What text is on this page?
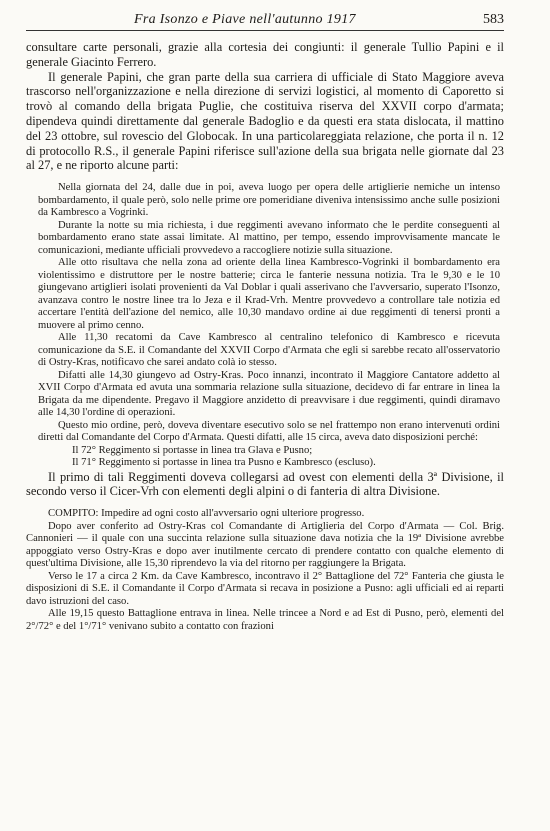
Fra Isonzo e Piave nell'autunno 1917	583

consultare carte personali, grazie alla cortesia dei congiunti: il generale Tullio Papini e il generale Giacinto Ferrero.

Il generale Papini, che gran parte della sua carriera di ufficiale di Stato Maggiore aveva trascorso nell'organizzazione e nella direzione di servizi logistici, al momento di Caporetto si trovò al comando della brigata Puglie, che costituiva riserva del XXVII corpo d'armata; dipendeva quindi direttamente dal generale Badoglio e da questi era stata dislocata, il mattino del 23 ottobre, sul rovescio del Globocak. In una particolareggiata relazione, che porta il n. 12 di protocollo R.S., il generale Papini riferisce sull'azione della sua brigata nelle giornate dal 23 al 27, e ne riporto alcune parti:

Nella giornata del 24, dalle due in poi, aveva luogo per opera delle artiglierie nemiche un intenso bombardamento, il quale però, solo nelle prime ore pomeridiane diveniva intensissimo anche sulle posizioni da Kambresco a Vogrinki.

Durante la notte su mia richiesta, i due reggimenti avevano informato che le perdite conseguenti al bombardamento erano state assai limitate. Al mattino, per tempo, essendo improvvisamente mancate le comunicazioni, mediante ufficiali provvedevo a raccogliere notizie sulla situazione.

Alle otto risultava che nella zona ad oriente della linea Kambresco-Vogrinki il bombardamento era violentissimo e distruttore per le nostre batterie; circa le fanterie nessuna notizia. Tra le 9,30 e le 10 giungevano artiglieri isolati provenienti da Val Doblar i quali asserivano che l'avversario, superato l'Isonzo, avanzava contro le nostre linee tra lo Jeza e il Krad-Vrh. Mentre provvedevo a controllare tale notizia ed accertare l'entità dell'azione del nemico, alle 10,30 mandavo ordine ai due reggimenti di tenersi pronti a muovere al primo cenno.

Alle 11,30 recatomi da Cave Kambresco al centralino telefonico di Kambresco e ricevuta comunicazione da S.E. il Comandante del XXVII Corpo d'Armata che egli si sarebbe recato all'osservatorio di Ostry-Kras, notificavo che sarei andato colà io stesso.

Difatti alle 14,30 giungevo ad Ostry-Kras. Poco innanzi, incontrato il Maggiore Cantatore addetto al XVII Corpo d'Armata ed avuta una sommaria relazione sulla situazione, decidevo di far entrare in linea la Brigata da me dipendente. Pregavo il Maggiore anzidetto di preavvisare i due reggimenti, quindi diramavo alle 14,30 l'ordine di operazioni.

Questo mio ordine, però, doveva diventare esecutivo solo se nel frattempo non erano intervenuti ordini diretti dal Comandante del Corpo d'Armata. Questi difatti, alle 15 circa, aveva dato disposizioni perché:

Il 72° Reggimento si portasse in linea tra Glava e Pusno;

Il 71° Reggimento si portasse in linea tra Pusno e Kambresco (escluso).

Il primo di tali Reggimenti doveva collegarsi ad ovest con elementi della 3ª Divisione, il secondo verso il Cicer-Vrh con elementi degli alpini o di fanteria di altra Divisione.

COMPITO: Impedire ad ogni costo all'avversario ogni ulteriore progresso.

Dopo aver conferito ad Ostry-Kras col Comandante di Artiglieria del Corpo d'Armata — Col. Brig. Cannonieri — il quale con una succinta relazione sulla situazione dava notizia che la 19ª Divisione avrebbe appoggiato verso Ostry-Kras e dopo aver inutilmente cercato di prendere contatto con qualche elemento di quest'ultima Divisione, alle 15,30 riprendevo la via del ritorno per raggiungere la Brigata.

Verso le 17 a circa 2 Km. da Cave Kambresco, incontravo il 2° Battaglione del 72° Fanteria che giusta le disposizioni di S.E. il Comandante il Corpo d'Armata si recava in posizione a Pusno: agli ufficiali ed ai reparti davo istruzioni del caso.

Alle 19,15 questo Battaglione entrava in linea. Nelle trincee a Nord e ad Est di Pusno, però, elementi del 2°/72° e del 1°/71° venivano subito a contatto con frazioni
